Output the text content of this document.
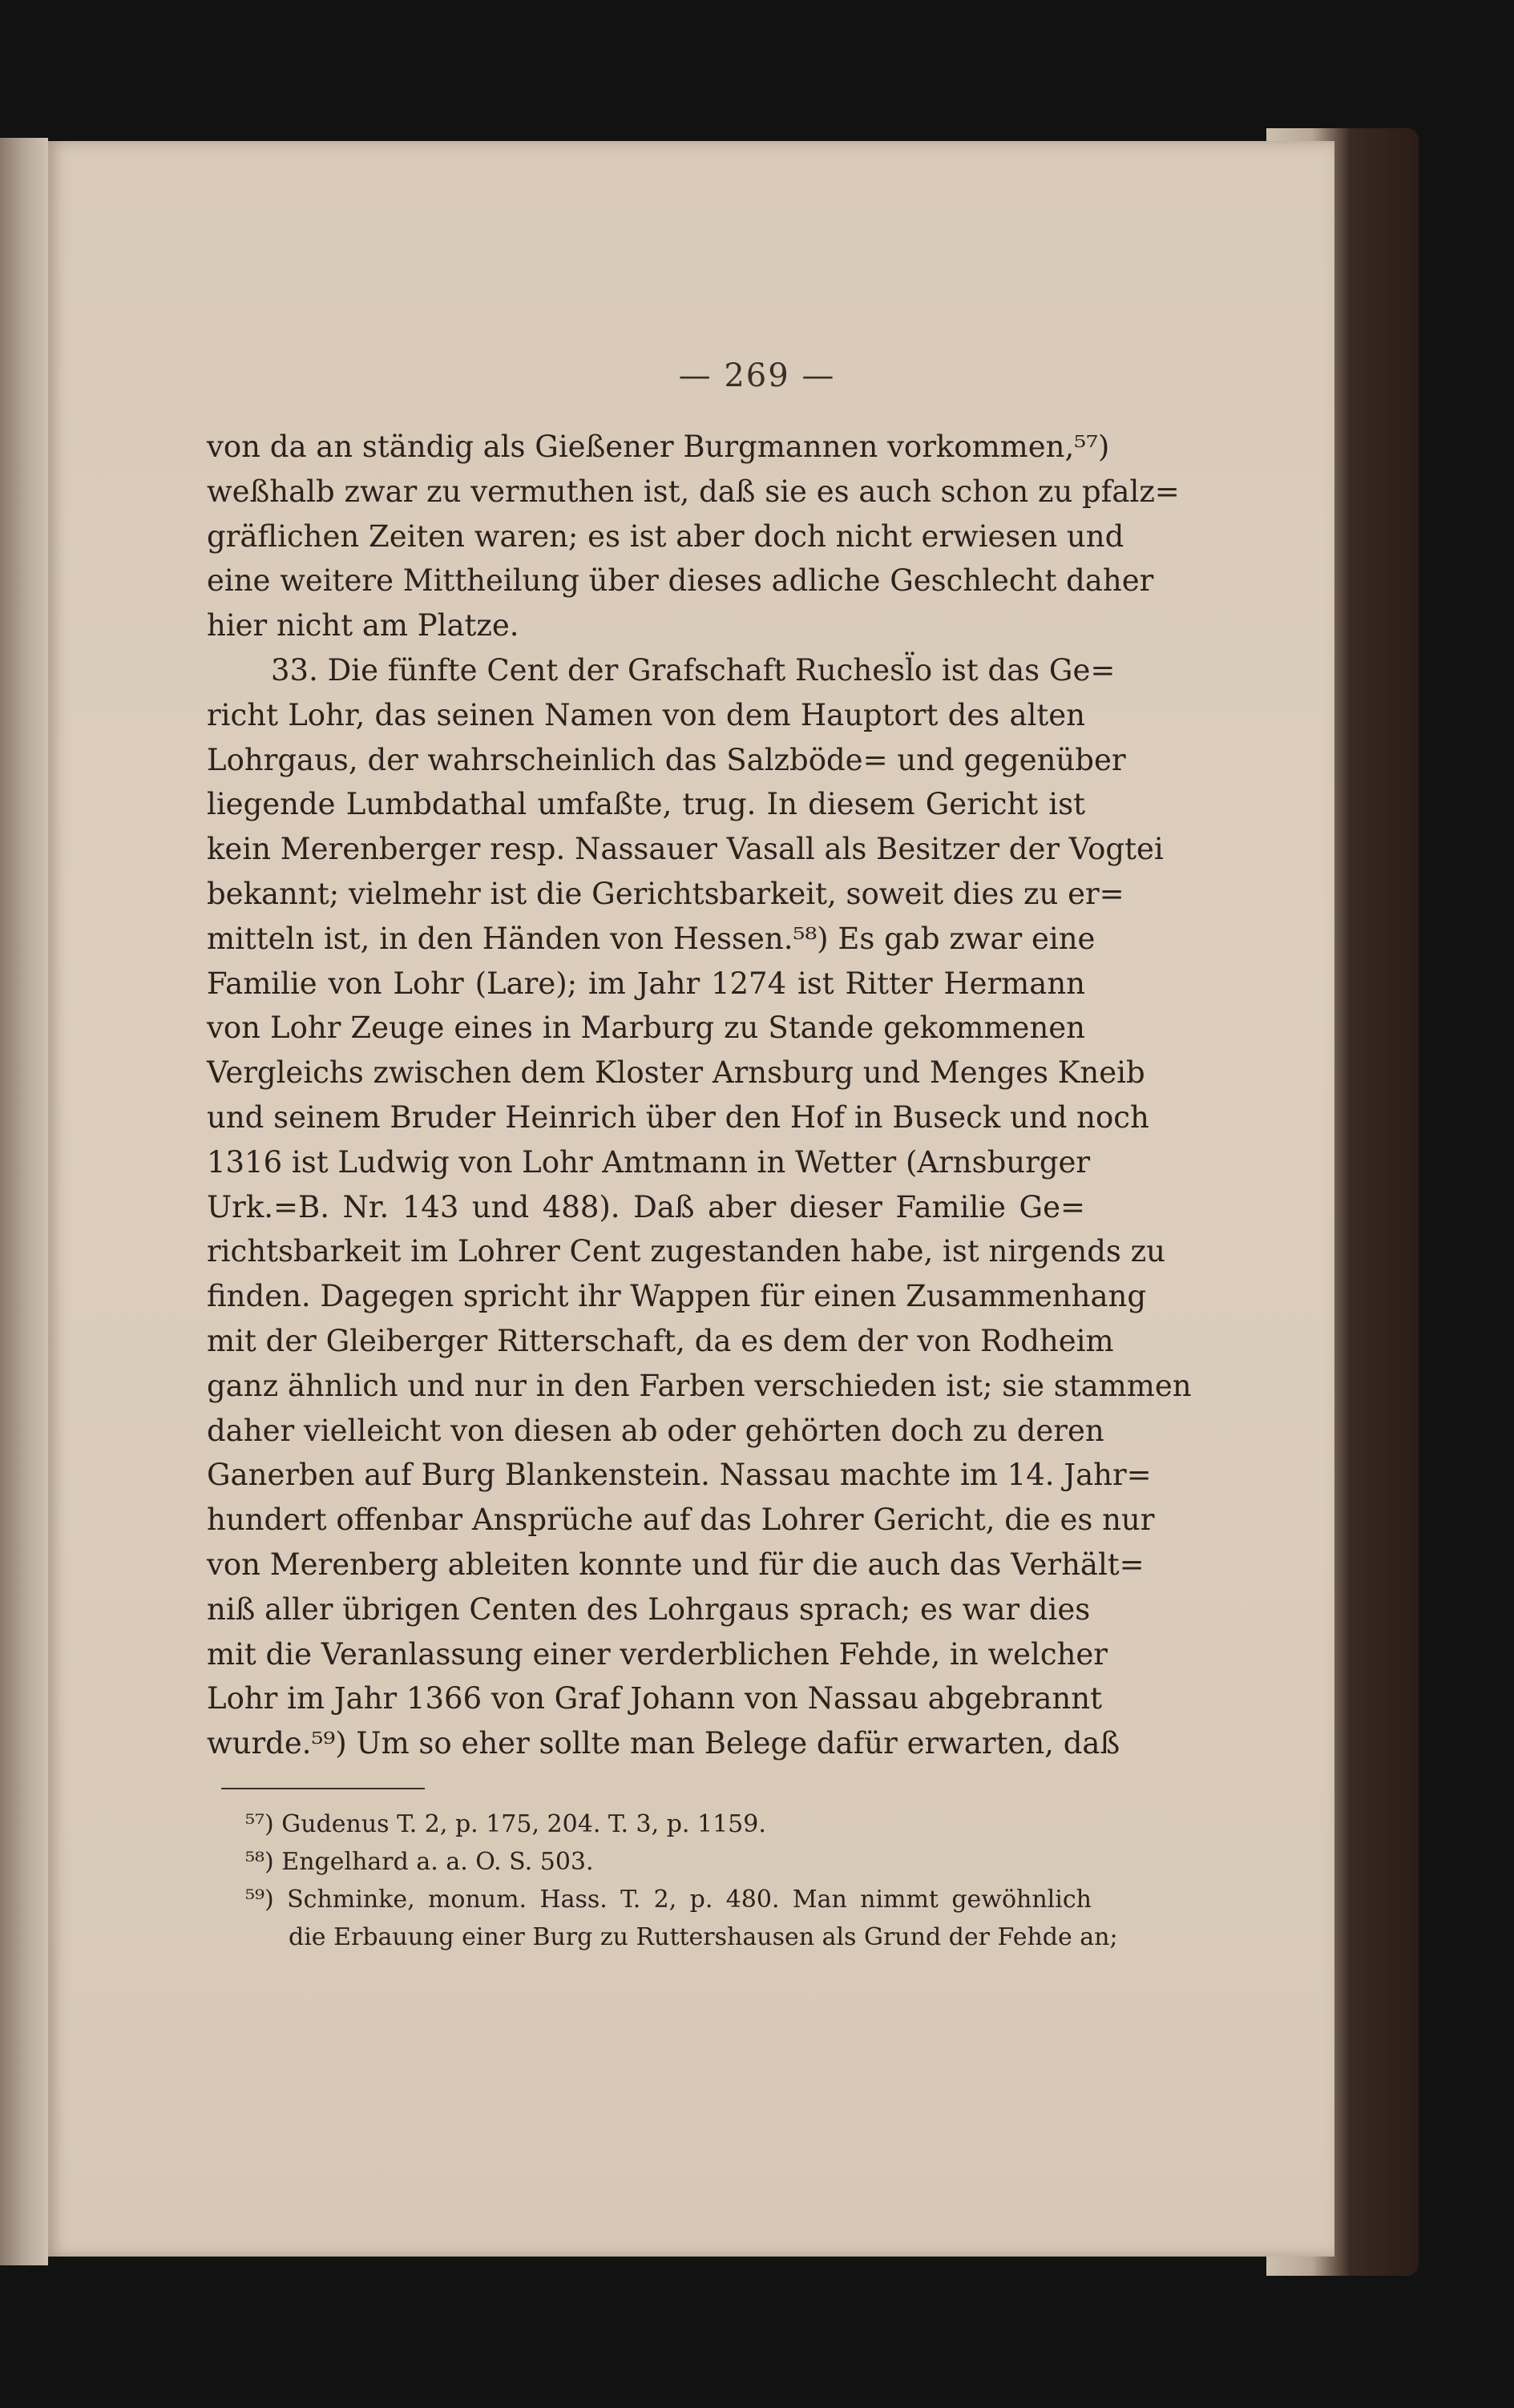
— 269 —
von da an ständig als Gießener Burgmannen vorkommen,⁵⁷)
weßhalb zwar zu vermuthen ist, daß sie es auch schon zu pfalz=
gräflichen Zeiten waren; es ist aber doch nicht erwiesen und
eine weitere Mittheilung über dieses adliche Geschlecht daher
hier nicht am Platze.
33. Die fünfte Cent der Grafschaft Ruchesl̈o ist das Ge=
richt Lohr, das seinen Namen von dem Hauptort des alten
Lohrgaus, der wahrscheinlich das Salzböde= und gegenüber
liegende Lumbdathal umfaßte, trug. In diesem Gericht ist
kein Merenberger resp. Nassauer Vasall als Besitzer der Vogtei
bekannt; vielmehr ist die Gerichtsbarkeit, soweit dies zu er=
mitteln ist, in den Händen von Hessen.⁵⁸) Es gab zwar eine
Familie von Lohr (Lare); im Jahr 1274 ist Ritter Hermann
von Lohr Zeuge eines in Marburg zu Stande gekommenen
Vergleichs zwischen dem Kloster Arnsburg und Menges Kneib
und seinem Bruder Heinrich über den Hof in Buseck und noch
1316 ist Ludwig von Lohr Amtmann in Wetter (Arnsburger
Urk.=B. Nr. 143 und 488). Daß aber dieser Familie Ge=
richtsbarkeit im Lohrer Cent zugestanden habe, ist nirgends zu
finden. Dagegen spricht ihr Wappen für einen Zusammenhang
mit der Gleiberger Ritterschaft, da es dem der von Rodheim
ganz ähnlich und nur in den Farben verschieden ist; sie stammen
daher vielleicht von diesen ab oder gehörten doch zu deren
Ganerben auf Burg Blankenstein. Nassau machte im 14. Jahr=
hundert offenbar Ansprüche auf das Lohrer Gericht, die es nur
von Merenberg ableiten konnte und für die auch das Verhält=
niß aller übrigen Centen des Lohrgaus sprach; es war dies
mit die Veranlassung einer verderblichen Fehde, in welcher
Lohr im Jahr 1366 von Graf Johann von Nassau abgebrannt
wurde.⁵⁹) Um so eher sollte man Belege dafür erwarten, daß
⁵⁷) Gudenus T. 2, p. 175, 204. T. 3, p. 1159.
⁵⁸) Engelhard a. a. O. S. 503.
⁵⁹) Schminke, monum. Hass. T. 2, p. 480. Man nimmt gewöhnlich
die Erbauung einer Burg zu Ruttershausen als Grund der Fehde an;
